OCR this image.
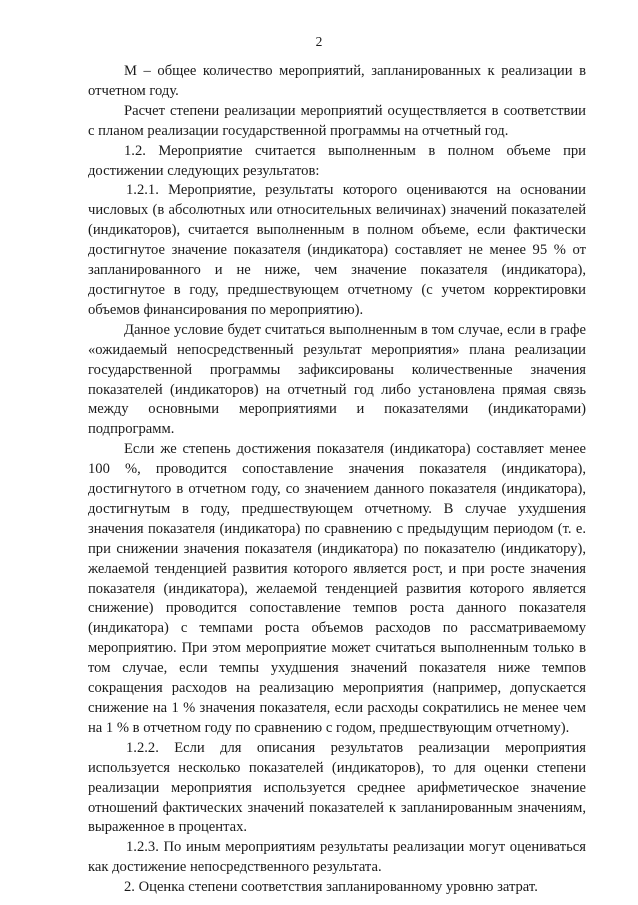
2

М – общее количество мероприятий, запланированных к реализации в отчетном году.

Расчет степени реализации мероприятий осуществляется в соответствии с планом реализации государственной программы на отчетный год.

1.2. Мероприятие считается выполненным в полном объеме при достижении следующих результатов:

1.2.1. Мероприятие, результаты которого оцениваются на основании числовых (в абсолютных или относительных величинах) значений показателей (индикаторов), считается выполненным в полном объеме, если фактически достигнутое значение показателя (индикатора) составляет не менее 95 % от запланированного и не ниже, чем значение показателя (индикатора), достигнутое в году, предшествующем отчетному (с учетом корректировки объемов финансирования по мероприятию).

Данное условие будет считаться выполненным в том случае, если в графе «ожидаемый непосредственный результат мероприятия» плана реализации государственной программы зафиксированы количественные значения показателей (индикаторов) на отчетный год либо установлена прямая связь между основными мероприятиями и показателями (индикаторами) подпрограмм.

Если же степень достижения показателя (индикатора) составляет менее 100 %, проводится сопоставление значения показателя (индикатора), достигнутого в отчетном году, со значением данного показателя (индикатора), достигнутым в году, предшествующем отчетному. В случае ухудшения значения показателя (индикатора) по сравнению с предыдущим периодом (т. е. при снижении значения показателя (индикатора) по показателю (индикатору), желаемой тенденцией развития которого является рост, и при росте значения показателя (индикатора), желаемой тенденцией развития которого является снижение) проводится сопоставление темпов роста данного показателя (индикатора) с темпами роста объемов расходов по рассматриваемому мероприятию. При этом мероприятие может считаться выполненным только в том случае, если темпы ухудшения значений показателя ниже темпов сокращения расходов на реализацию мероприятия (например, допускается снижение на 1 % значения показателя, если расходы сократились не менее чем на 1 % в отчетном году по сравнению с годом, предшествующим отчетному).

1.2.2. Если для описания результатов реализации мероприятия используется несколько показателей (индикаторов), то для оценки степени реализации мероприятия используется среднее арифметическое значение отношений фактических значений показателей к запланированным значениям, выраженное в процентах.

1.2.3. По иным мероприятиям результаты реализации могут оцениваться как достижение непосредственного результата.

2. Оценка степени соответствия запланированному уровню затрат.
